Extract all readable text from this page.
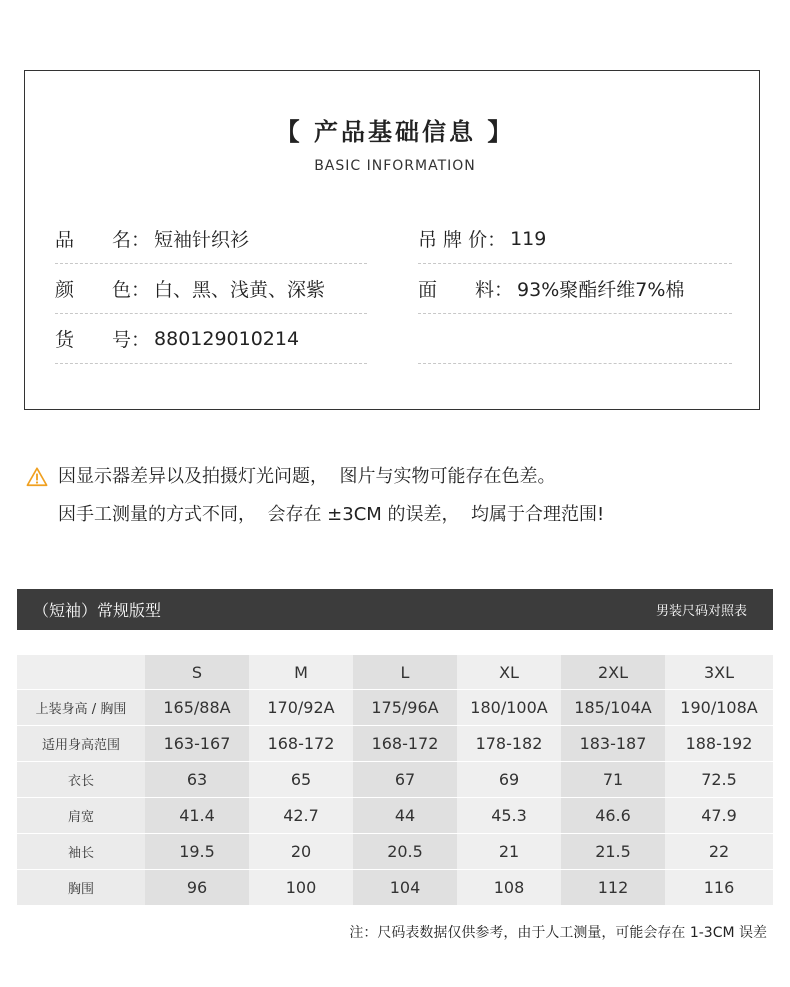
【 产品基础信息 】
BASIC INFORMATION
品　　名： 短袖针织衫
颜　　色： 白、黑、浅黄、深紫
货　　号： 880129010214
吊 牌 价： 119
面　　料： 93%聚酯纤维7%棉
因显示器差异以及拍摄灯光问题，  图片与实物可能存在色差。
因手工测量的方式不同，  会存在 ±3CM 的误差，  均属于合理范围!
（短袖）常规版型	男装尺码对照表
	S	M	L	XL	2XL	3XL
上装身高 / 胸围	165/88A	170/92A	175/96A	180/100A	185/104A	190/108A
适用身高范围	163-167	168-172	168-172	178-182	183-187	188-192
衣长	63	65	67	69	71	72.5
肩宽	41.4	42.7	44	45.3	46.6	47.9
袖长	19.5	20	20.5	21	21.5	22
胸围	96	100	104	108	112	116
注：尺码表数据仅供参考，由于人工测量，可能会存在 1-3CM 误差
